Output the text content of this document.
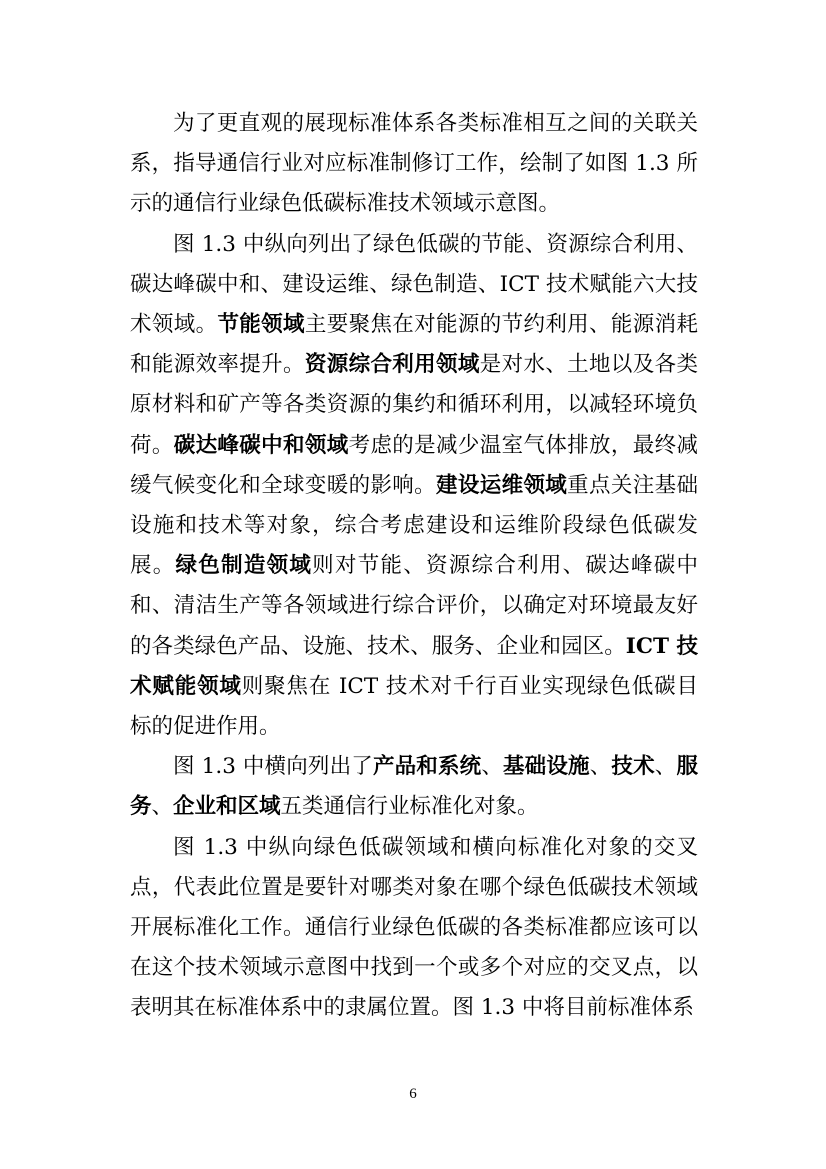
为了更直观的展现标准体系各类标准相互之间的关联关系，指导通信行业对应标准制修订工作，绘制了如图 1.3 所示的通信行业绿色低碳标准技术领域示意图。

图 1.3 中纵向列出了绿色低碳的节能、资源综合利用、碳达峰碳中和、建设运维、绿色制造、ICT 技术赋能六大技术领域。节能领域主要聚焦在对能源的节约利用、能源消耗和能源效率提升。资源综合利用领域是对水、土地以及各类原材料和矿产等各类资源的集约和循环利用，以减轻环境负荷。碳达峰碳中和领域考虑的是减少温室气体排放，最终减缓气候变化和全球变暖的影响。建设运维领域重点关注基础设施和技术等对象，综合考虑建设和运维阶段绿色低碳发展。绿色制造领域则对节能、资源综合利用、碳达峰碳中和、清洁生产等各领域进行综合评价，以确定对环境最友好的各类绿色产品、设施、技术、服务、企业和园区。ICT 技术赋能领域则聚焦在 ICT 技术对千行百业实现绿色低碳目标的促进作用。

图 1.3 中横向列出了产品和系统、基础设施、技术、服务、企业和区域五类通信行业标准化对象。

图 1.3 中纵向绿色低碳领域和横向标准化对象的交叉点，代表此位置是要针对哪类对象在哪个绿色低碳技术领域开展标准化工作。通信行业绿色低碳的各类标准都应该可以在这个技术领域示意图中找到一个或多个对应的交叉点，以表明其在标准体系中的隶属位置。图 1.3 中将目前标准体系

6
